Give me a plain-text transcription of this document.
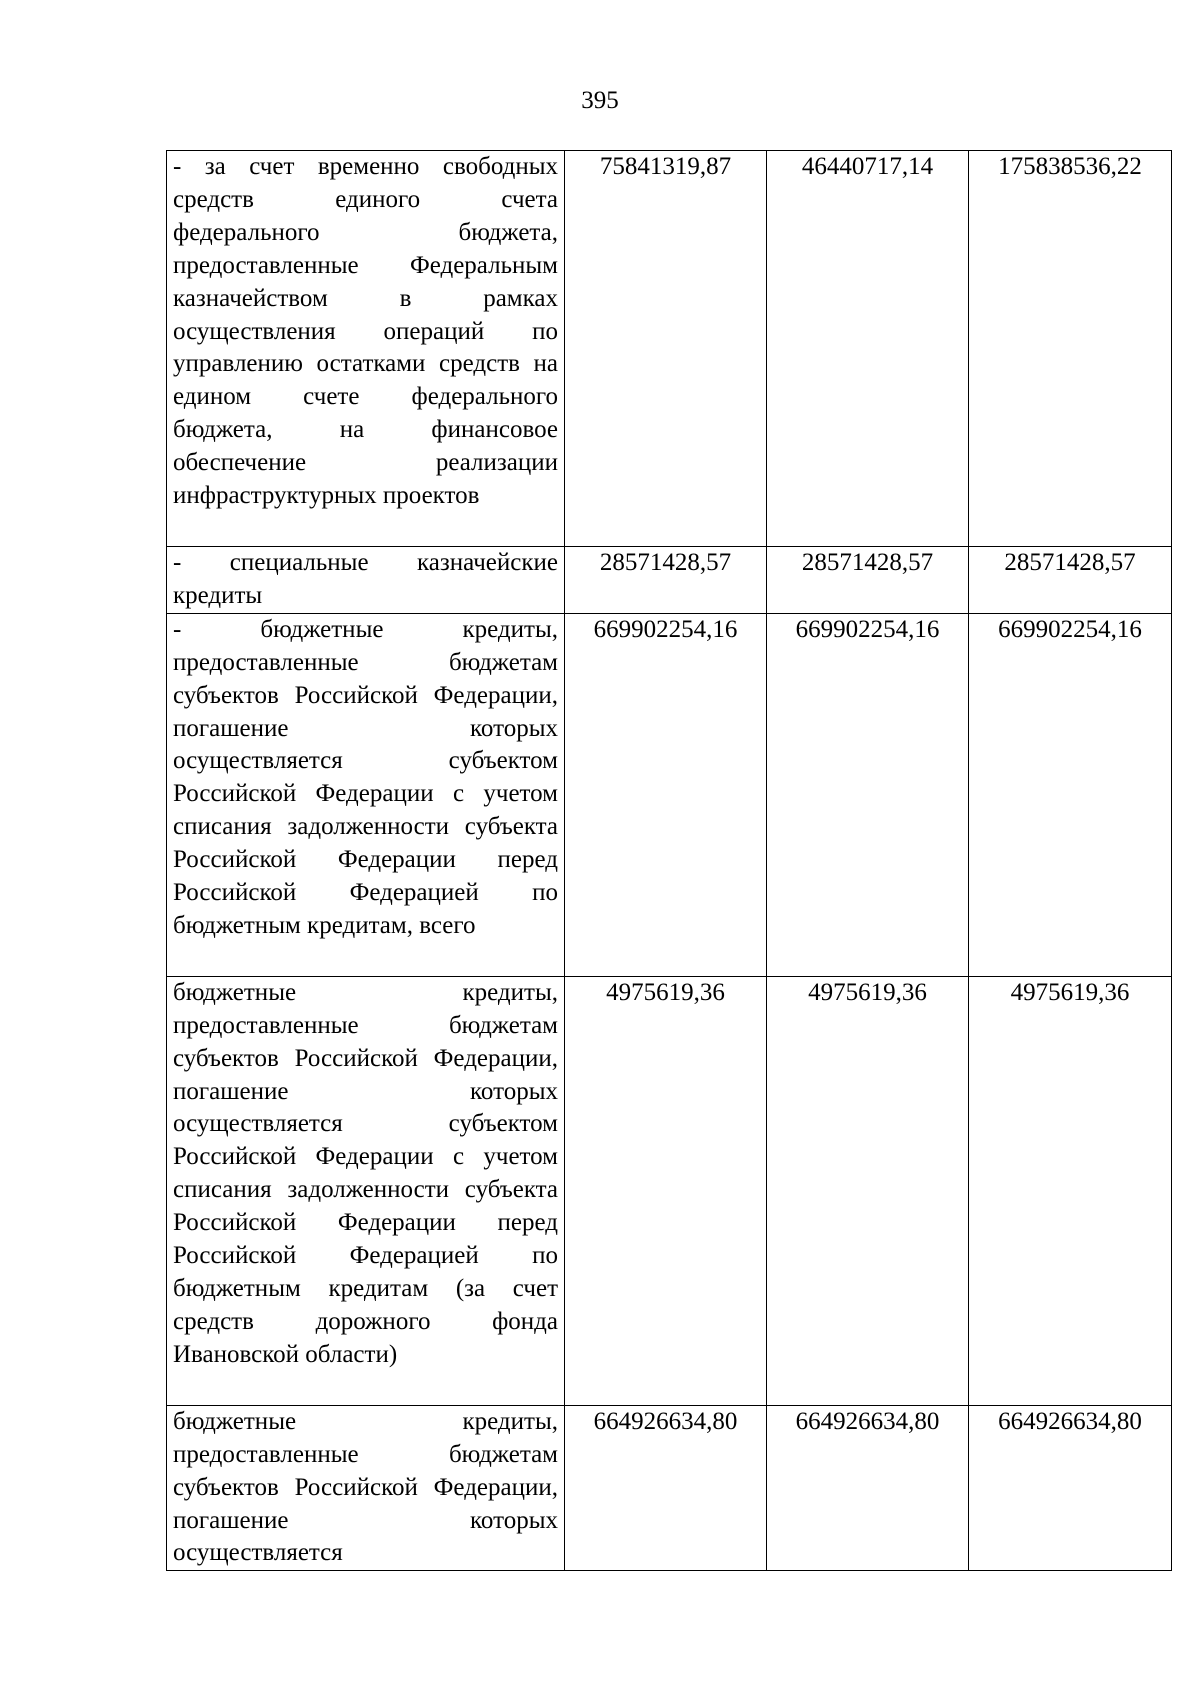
395
- за счет временно свободных средств единого счета федерального бюджета, предоставленные Федеральным казначейством в рамках осуществления операций по управлению остатками средств на едином счете федерального бюджета, на финансовое обеспечение реализации инфраструктурных проектов	75841319,87	46440717,14	175838536,22
- специальные казначейские кредиты	28571428,57	28571428,57	28571428,57
- бюджетные кредиты, предоставленные бюджетам субъектов Российской Федерации, погашение которых осуществляется субъектом Российской Федерации с учетом списания задолженности субъекта Российской Федерации перед Российской Федерацией по бюджетным кредитам, всего	669902254,16	669902254,16	669902254,16
бюджетные кредиты, предоставленные бюджетам субъектов Российской Федерации, погашение которых осуществляется субъектом Российской Федерации с учетом списания задолженности субъекта Российской Федерации перед Российской Федерацией по бюджетным кредитам (за счет средств дорожного фонда Ивановской области)	4975619,36	4975619,36	4975619,36
бюджетные кредиты, предоставленные бюджетам субъектов Российской Федерации, погашение которых осуществляется	664926634,80	664926634,80	664926634,80
